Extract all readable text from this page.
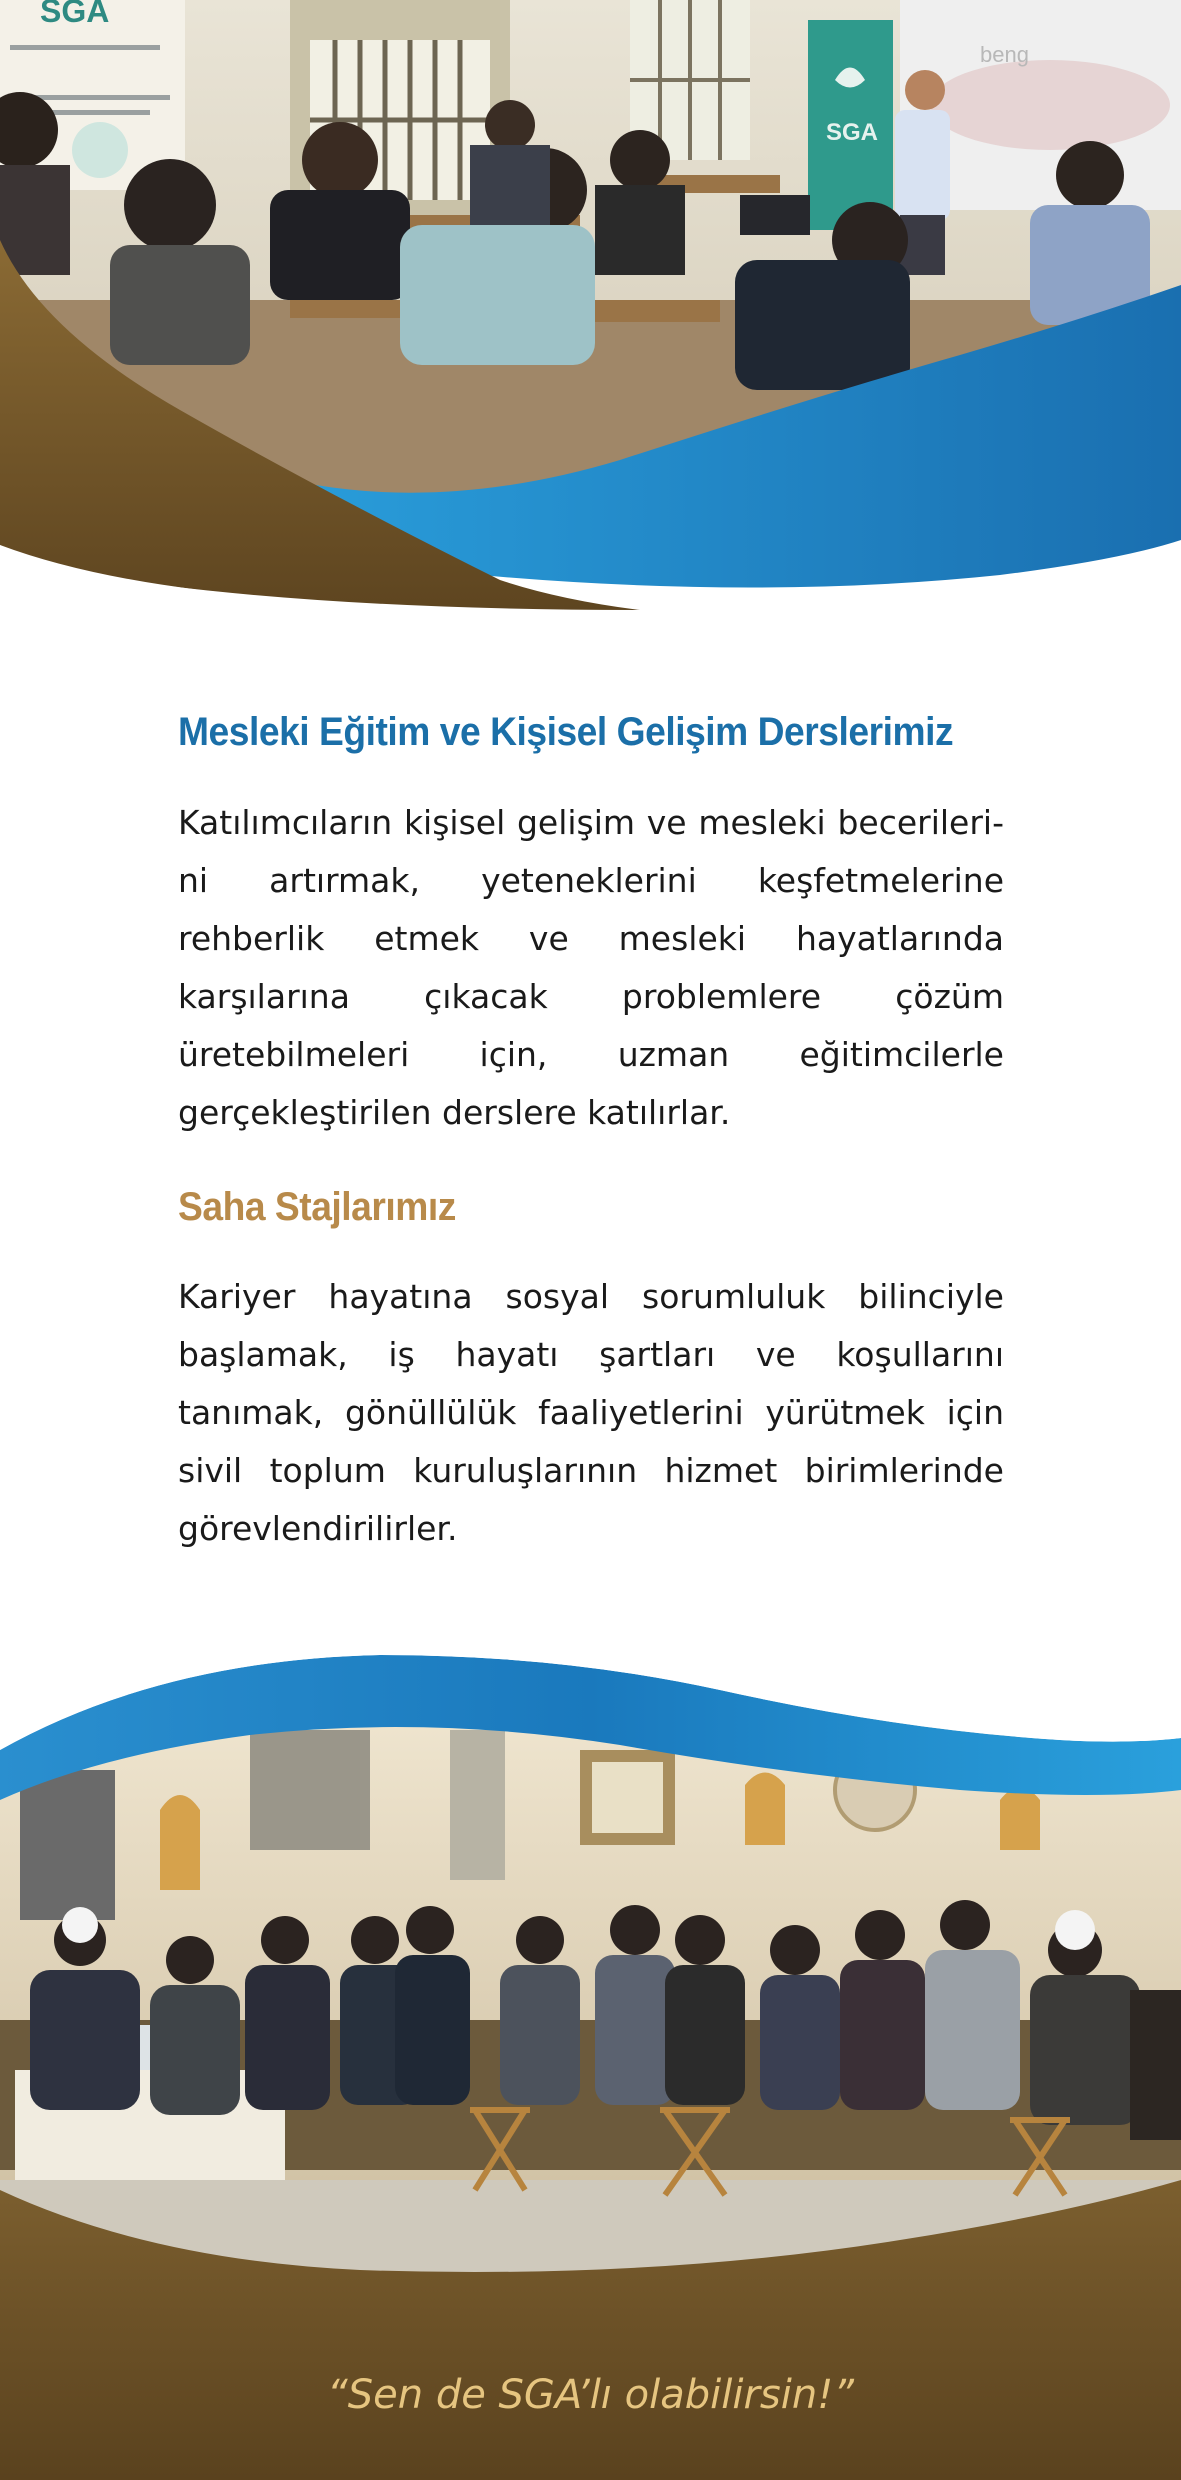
SGA
SGA
beng
Mesleki Eğitim ve Kişisel Gelişim Derslerimiz

Katılımcıların kişisel gelişim ve mesleki becerilerini artırmak, yeteneklerini keşfetmelerine rehberlik etmek ve mesleki hayatlarında karşılarına çıkacak problemlere çözüm üretebilmeleri için, uzman eğitimcilerle gerçekleştirilen derslere katılırlar.

Saha Stajlarımız

Kariyer hayatına sosyal sorumluluk bilinciyle başlamak, iş hayatı şartları ve koşullarını tanımak, gönüllülük faaliyetlerini yürütmek için sivil toplum kuruluşlarının hizmet birimlerinde görevlendirilirler.

“Sen de SGA’lı olabilirsin!”
